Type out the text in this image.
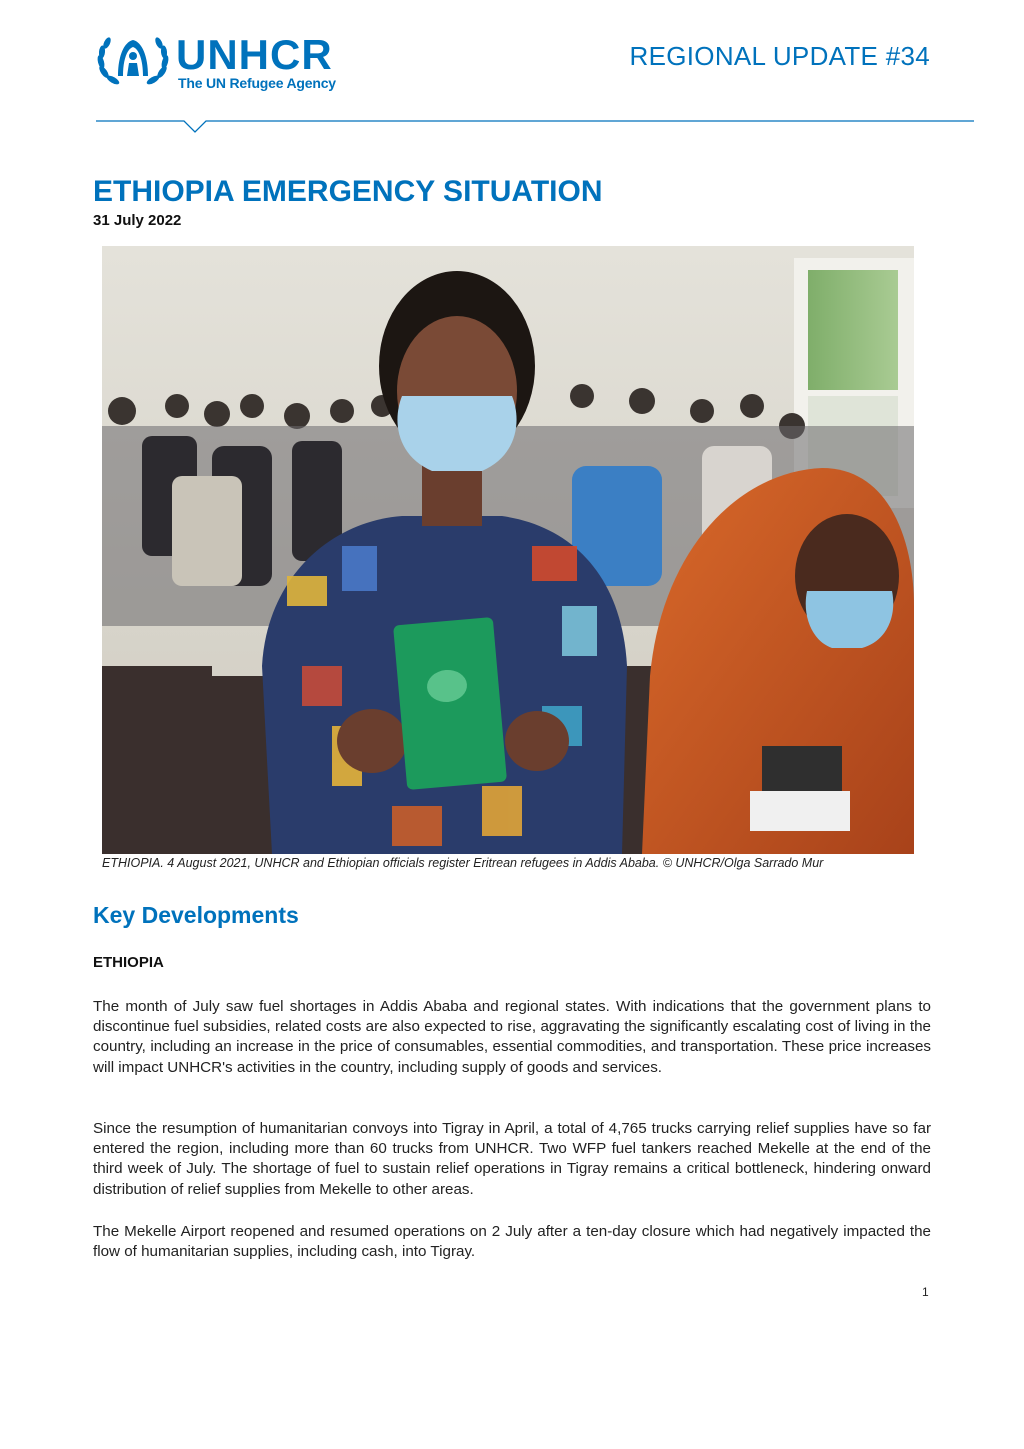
UNHCR
The UN Refugee Agency
REGIONAL UPDATE #34
ETHIOPIA EMERGENCY SITUATION
31 July 2022
ETHIOPIA. 4 August 2021, UNHCR and Ethiopian officials register Eritrean refugees in Addis Ababa. © UNHCR/Olga Sarrado Mur
Key Developments
ETHIOPIA

The month of July saw fuel shortages in Addis Ababa and regional states. With indications that the government plans to discontinue fuel subsidies, related costs are also expected to rise, aggravating the significantly escalating cost of living in the country, including an increase in the price of consumables, essential commodities, and transportation. These price increases will impact UNHCR's activities in the country, including supply of goods and services.

Since the resumption of humanitarian convoys into Tigray in April, a total of 4,765 trucks carrying relief supplies have so far entered the region, including more than 60 trucks from UNHCR. Two WFP fuel tankers reached Mekelle at the end of the third week of July. The shortage of fuel to sustain relief operations in Tigray remains a critical bottleneck, hindering onward distribution of relief supplies from Mekelle to other areas.

The Mekelle Airport reopened and resumed operations on 2 July after a ten-day closure which had negatively impacted the flow of humanitarian supplies, including cash, into Tigray.

1
